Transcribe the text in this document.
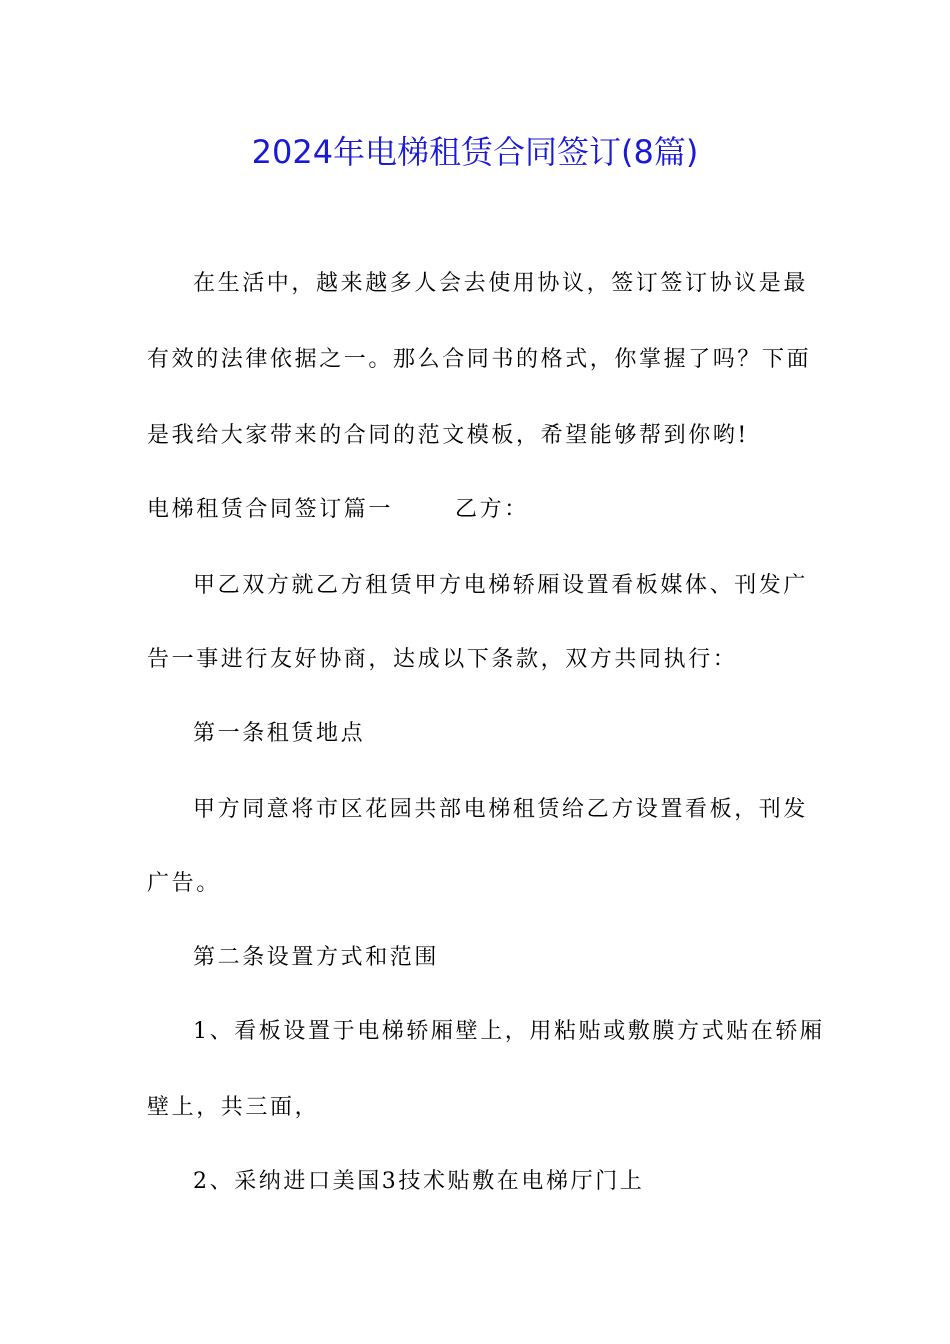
2024年电梯租赁合同签订(8篇)
在生活中，越来越多人会去使用协议，签订签订协议是最
有效的法律依据之一。那么合同书的格式，你掌握了吗？下面
是我给大家带来的合同的范文模板，希望能够帮到你哟!
电梯租赁合同签订篇一	乙方：
甲乙双方就乙方租赁甲方电梯轿厢设置看板媒体、刊发广
告一事进行友好协商，达成以下条款，双方共同执行：
第一条租赁地点
甲方同意将市区花园共部电梯租赁给乙方设置看板，刊发
广告。
第二条设置方式和范围
1、看板设置于电梯轿厢壁上，用粘贴或敷膜方式贴在轿厢
壁上，共三面，
2、采纳进口美国3技术贴敷在电梯厅门上
